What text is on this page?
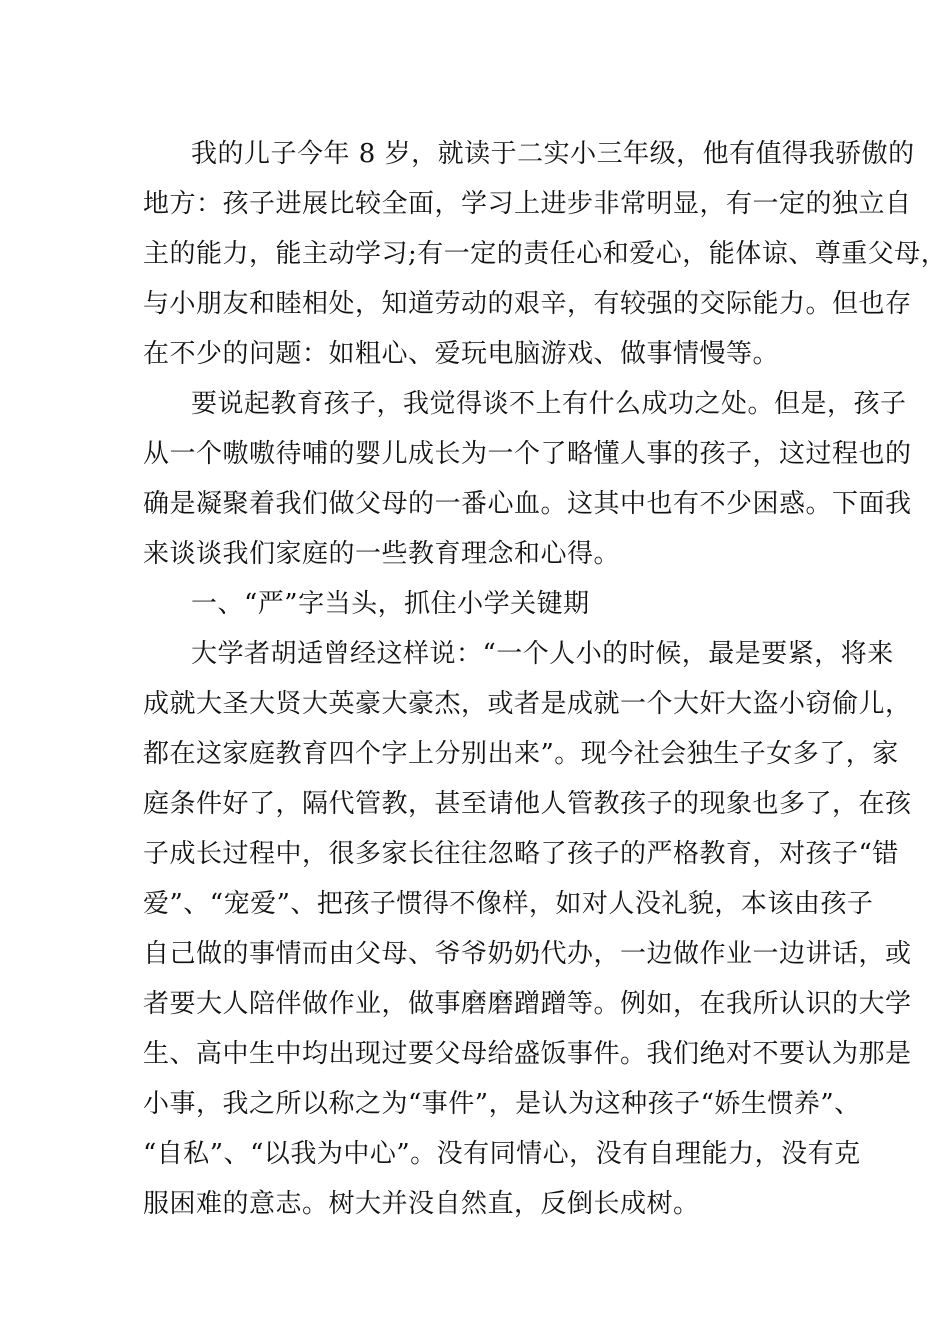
我的儿子今年 8 岁，就读于二实小三年级，他有值得我骄傲的
地方：孩子进展比较全面，学习上进步非常明显，有一定的独立自
主的能力，能主动学习;有一定的责任心和爱心，能体谅、尊重父母，
与小朋友和睦相处，知道劳动的艰辛，有较强的交际能力。但也存
在不少的问题：如粗心、爱玩电脑游戏、做事情慢等。
要说起教育孩子，我觉得谈不上有什么成功之处。但是，孩子
从一个嗷嗷待哺的婴儿成长为一个了略懂人事的孩子，这过程也的
确是凝聚着我们做父母的一番心血。这其中也有不少困惑。下面我
来谈谈我们家庭的一些教育理念和心得。
一、“严”字当头，抓住小学关键期
大学者胡适曾经这样说：“一个人小的时候，最是要紧，将来
成就大圣大贤大英豪大豪杰，或者是成就一个大奸大盗小窃偷儿，
都在这家庭教育四个字上分别出来”。现今社会独生子女多了，家
庭条件好了，隔代管教，甚至请他人管教孩子的现象也多了，在孩
子成长过程中，很多家长往往忽略了孩子的严格教育，对孩子“错
爱”、“宠爱”、把孩子惯得不像样，如对人没礼貌，本该由孩子
自己做的事情而由父母、爷爷奶奶代办，一边做作业一边讲话，或
者要大人陪伴做作业，做事磨磨蹭蹭等。例如，在我所认识的大学
生、高中生中均出现过要父母给盛饭事件。我们绝对不要认为那是
小事，我之所以称之为“事件”，是认为这种孩子“娇生惯养”、
“自私”、“以我为中心”。没有同情心，没有自理能力，没有克
服困难的意志。树大并没自然直，反倒长成树。
